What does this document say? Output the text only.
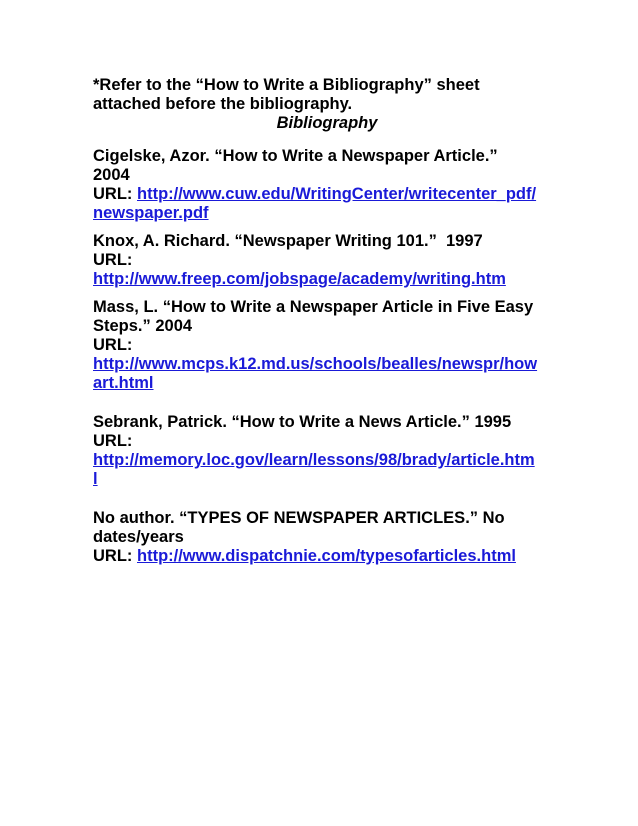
*Refer to the “How to Write a Bibliography” sheet
attached before the bibliography.
Bibliography
Cigelske, Azor. “How to Write a Newspaper Article.”
2004
URL: http://www.cuw.edu/WritingCenter/writecenter_pdf/
newspaper.pdf
Knox, A. Richard. “Newspaper Writing 101.”  1997
URL:
http://www.freep.com/jobspage/academy/writing.htm
Mass, L. “How to Write a Newspaper Article in Five Easy
Steps.” 2004
URL:
http://www.mcps.k12.md.us/schools/bealles/newspr/how
art.html
Sebrank, Patrick. “How to Write a News Article.” 1995
URL:
http://memory.loc.gov/learn/lessons/98/brady/article.htm
l
No author. “TYPES OF NEWSPAPER ARTICLES.” No
dates/years
URL: http://www.dispatchnie.com/typesofarticles.html
